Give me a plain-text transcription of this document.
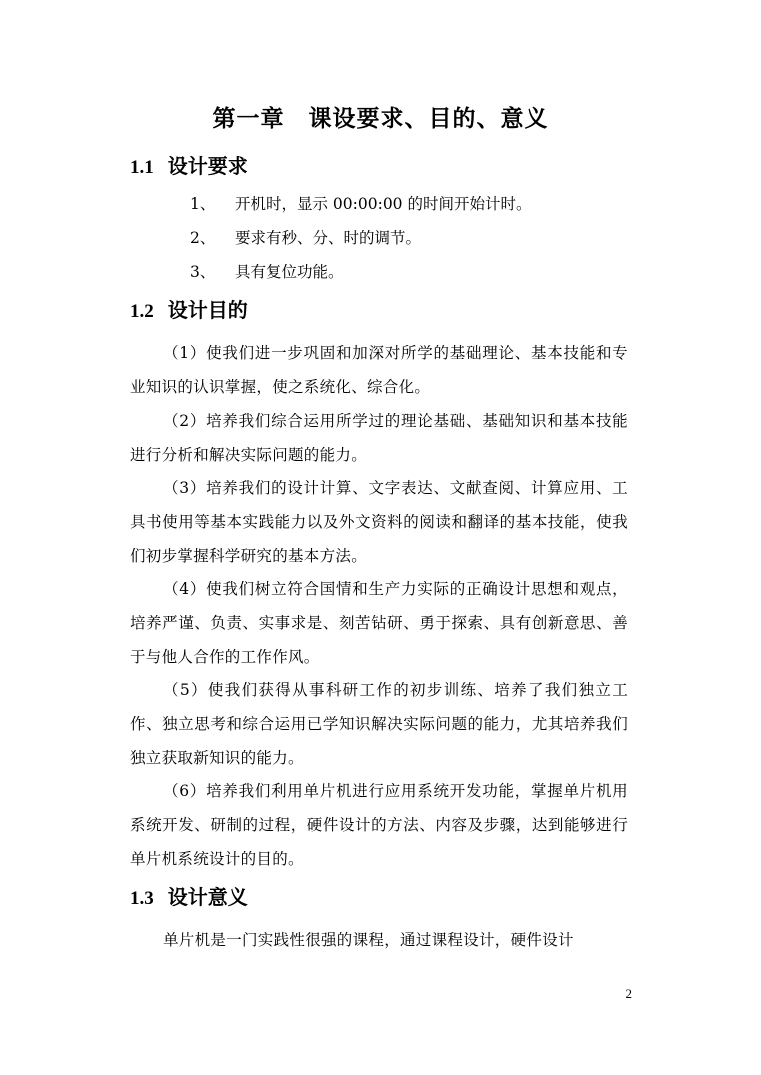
第一章　课设要求、目的、意义
1.1 设计要求
1、 开机时，显示 00:00:00 的时间开始计时。
2、 要求有秒、分、时的调节。
3、 具有复位功能。
1.2 设计目的

（1）使我们进一步巩固和加深对所学的基础理论、基本技能和专业知识的认识掌握，使之系统化、综合化。

（2）培养我们综合运用所学过的理论基础、基础知识和基本技能进行分析和解决实际问题的能力。

（3）培养我们的设计计算、文字表达、文献查阅、计算应用、工具书使用等基本实践能力以及外文资料的阅读和翻译的基本技能，使我们初步掌握科学研究的基本方法。

（4）使我们树立符合国情和生产力实际的正确设计思想和观点，培养严谨、负责、实事求是、刻苦钻研、勇于探索、具有创新意思、善于与他人合作的工作作风。

（5）使我们获得从事科研工作的初步训练、培养了我们独立工作、独立思考和综合运用已学知识解决实际问题的能力，尤其培养我们独立获取新知识的能力。

（6）培养我们利用单片机进行应用系统开发功能，掌握单片机用系统开发、研制的过程，硬件设计的方法、内容及步骤，达到能够进行单片机系统设计的目的。

1.3 设计意义

单片机是一门实践性很强的课程，通过课程设计，硬件设计

2
